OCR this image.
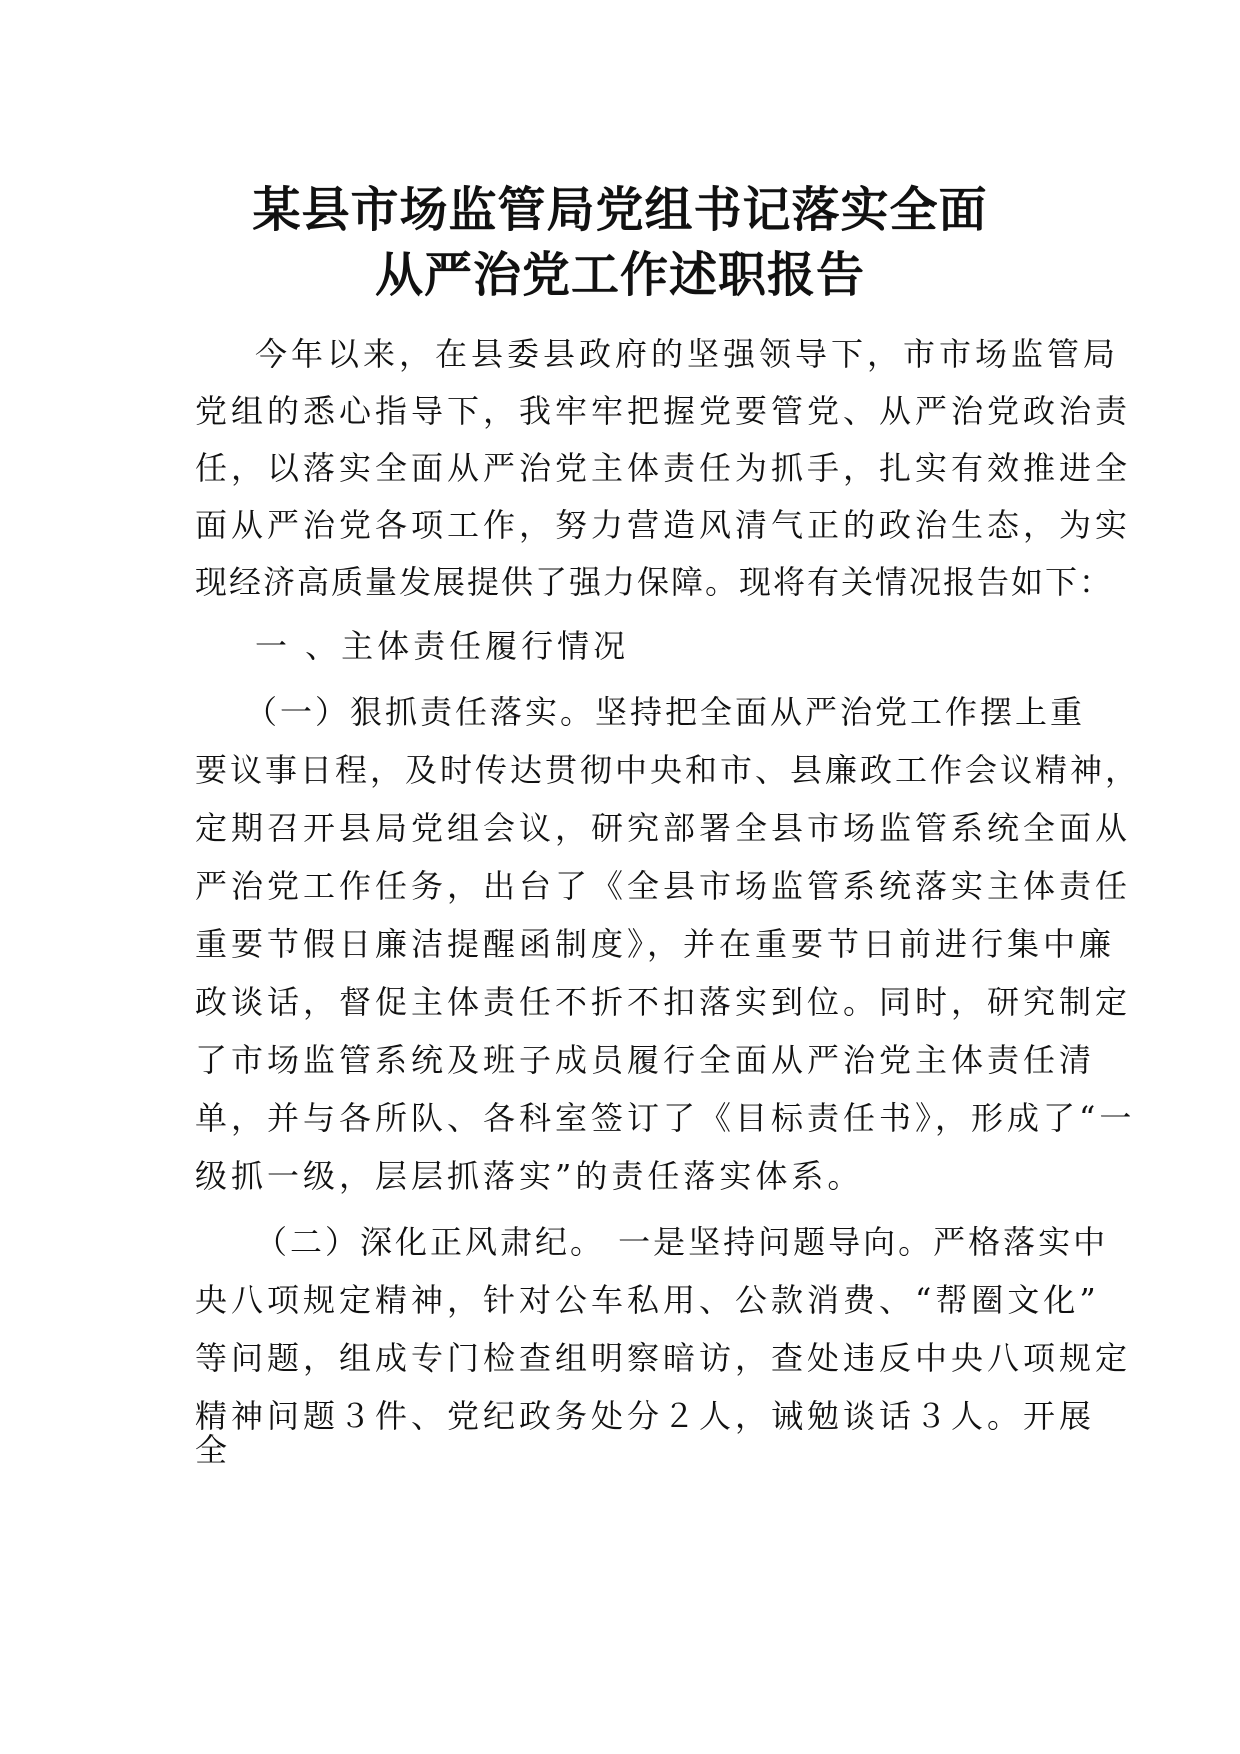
某县市场监管局党组书记落实全面
从严治党工作述职报告
今年以来，在县委县政府的坚强领导下，市市场监管局
党组的悉心指导下，我牢牢把握党要管党、从严治党政治责
任，以落实全面从严治党主体责任为抓手，扎实有效推进全
面从严治党各项工作，努力营造风清气正的政治生态，为实
现经济高质量发展提供了强力保障。现将有关情况报告如下：
一 、主体责任履行情况
（一）狠抓责任落实。坚持把全面从严治党工作摆上重
要议事日程，及时传达贯彻中央和市、县廉政工作会议精神，
定期召开县局党组会议，研究部署全县市场监管系统全面从
严治党工作任务，出台了《全县市场监管系统落实主体责任
重要节假日廉洁提醒函制度》，并在重要节日前进行集中廉
政谈话，督促主体责任不折不扣落实到位。同时，研究制定
了市场监管系统及班子成员履行全面从严治党主体责任清
单，并与各所队、各科室签订了《目标责任书》，形成了“一
级抓一级，层层抓落实”的责任落实体系。
（二）深化正风肃纪。 一是坚持问题导向。严格落实中
央八项规定精神，针对公车私用、公款消费、“帮圈文化”
等问题，组成专门检查组明察暗访，查处违反中央八项规定
精神问题３件、党纪政务处分２人，诫勉谈话３人。开展
全
